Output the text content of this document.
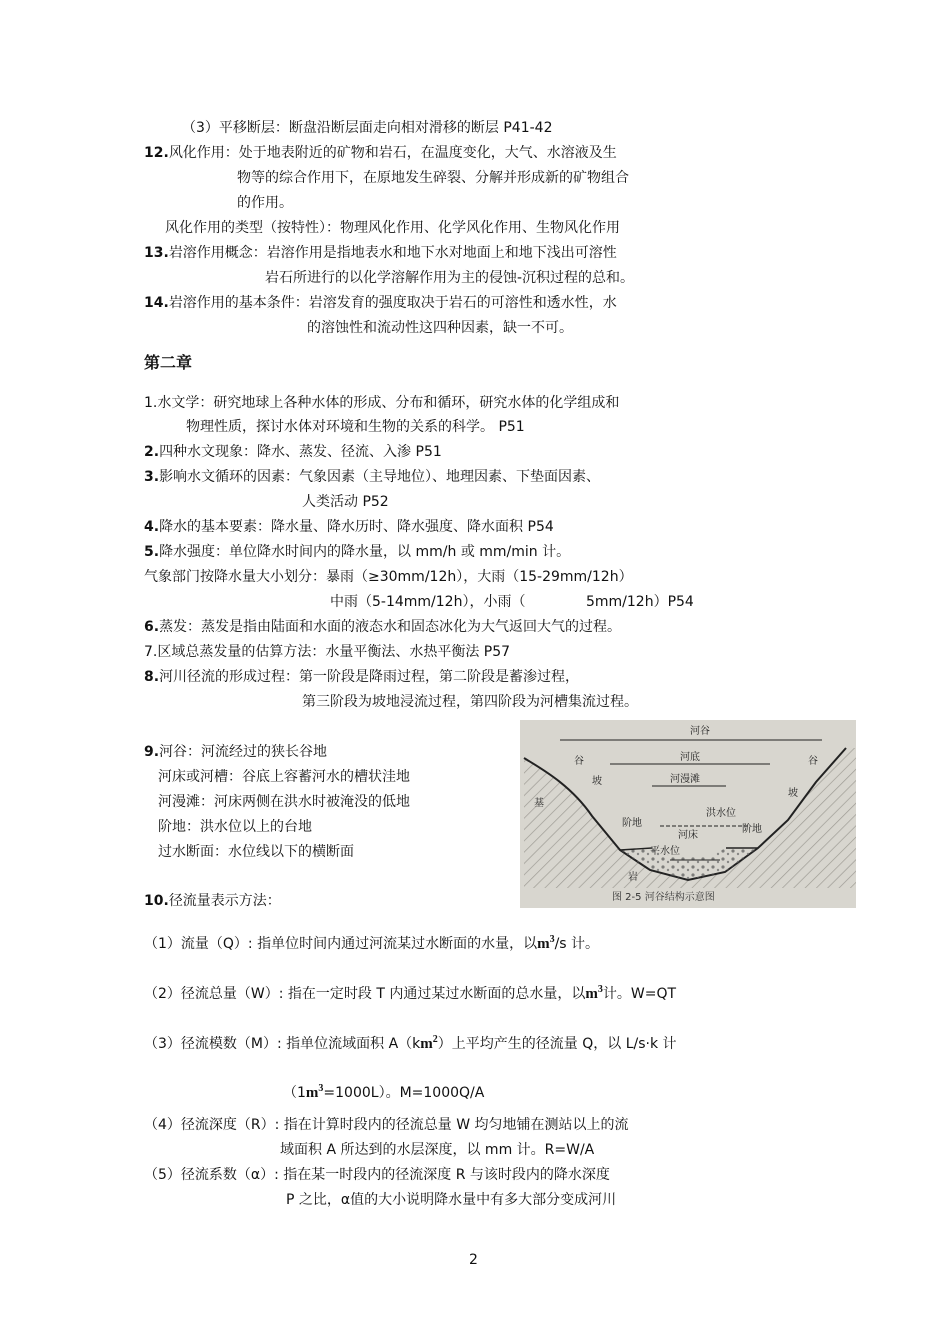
（3）平移断层：断盘沿断层面走向相对滑移的断层 P41-42
12.风化作用：处于地表附近的矿物和岩石，在温度变化，大气、水溶液及生
物等的综合作用下，在原地发生碎裂、分解并形成新的矿物组合
的作用。
风化作用的类型（按特性）：物理风化作用、化学风化作用、生物风化作用
13.岩溶作用概念：岩溶作用是指地表水和地下水对地面上和地下浅出可溶性
岩石所进行的以化学溶解作用为主的侵蚀-沉积过程的总和。
14.岩溶作用的基本条件：岩溶发育的强度取决于岩石的可溶性和透水性，水
的溶蚀性和流动性这四种因素，缺一不可。
第二章
1.水文学：研究地球上各种水体的形成、分布和循环，研究水体的化学组成和
物理性质，探讨水体对环境和生物的关系的科学。 P51
2.四种水文现象：降水、蒸发、径流、入渗 P51
3.影响水文循环的因素：气象因素（主导地位）、地理因素、下垫面因素、
人类活动 P52
4.降水的基本要素：降水量、降水历时、降水强度、降水面积 P54
5.降水强度：单位降水时间内的降水量，以 mm/h 或 mm/min 计。
气象部门按降水量大小划分：暴雨（≥30mm/12h），大雨（15-29mm/12h）
中雨（5-14mm/12h），小雨（	5mm/12h）P54
6.蒸发：蒸发是指由陆面和水面的液态水和固态冰化为大气返回大气的过程。
7.区域总蒸发量的估算方法：水量平衡法、水热平衡法 P57
8.河川径流的形成过程：第一阶段是降雨过程，第二阶段是蓄渗过程，
第三阶段为坡地浸流过程，第四阶段为河槽集流过程。
9.河谷：河流经过的狭长谷地
河床或河槽：谷底上容蓄河水的槽状洼地
河漫滩：河床两侧在洪水时被淹没的低地
阶地：洪水位以上的台地
过水断面：水位线以下的横断面
10.径流量表示方法：
（1）流量（Q）: 指单位时间内通过河流某过水断面的水量，以$m^3/s$ 计。
（2）径流总量（W）: 指在一定时段 T 内通过某过水断面的总水量，以$m^3$计。W=QT
（3）径流模数（M）: 指单位流域面积 $A(km^2)$上平均产生的径流量 Q，以 L/s·k 计
$(1m^3=1000L)$。M=1000Q/A
（4）径流深度（R）: 指在计算时段内的径流总量 W 均匀地铺在测站以上的流
域面积 A 所达到的水层深度，以 mm 计。R=W/A
（5）径流系数（α）: 指在某一时段内的径流深度 R 与该时段内的降水深度
P 之比，α值的大小说明降水量中有多大部分变成河川
2
河谷
谷
坡
河底
河漫滩
阶地
河床
洪水位
阶地
谷
坡
平水位
基
岩
图 2-5 河谷结构示意图
